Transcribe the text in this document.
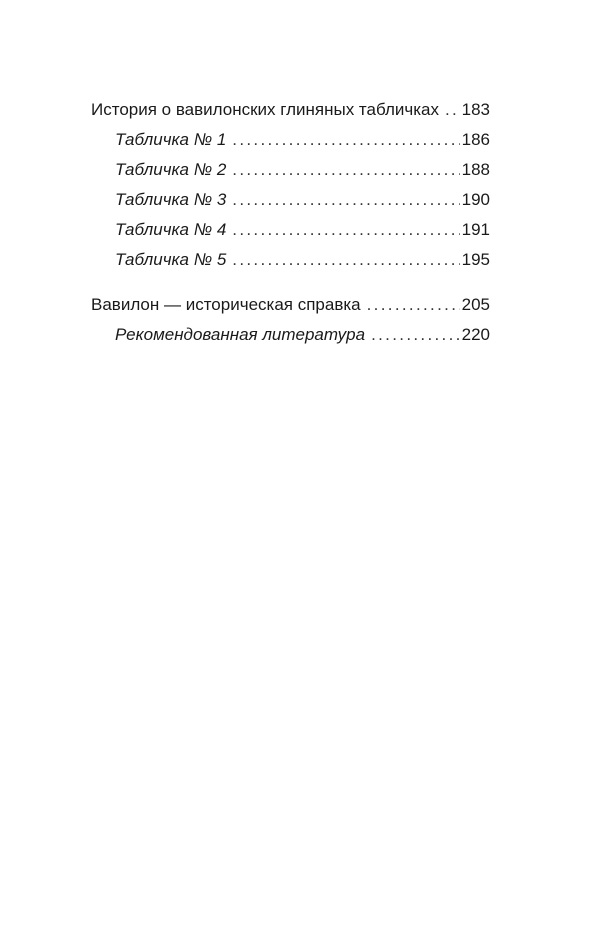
История о вавилонских глиняных табличках . . . 183
Табличка № 1 . . .	186
Табличка № 2 . . .	188
Табличка № 3 . . .	190
Табличка № 4 . . .	191
Табличка № 5 . . .	195
Вавилон — историческая справка . . .	205
Рекомендованная литература . . .	220
